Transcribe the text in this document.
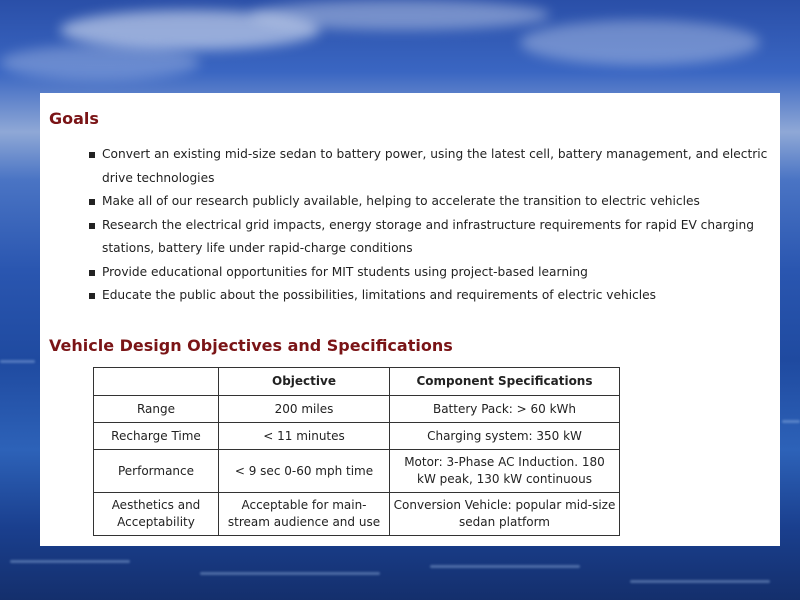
Goals
Convert an existing mid-size sedan to battery power, using the latest cell, battery management, and electric drive technologies
Make all of our research publicly available, helping to accelerate the transition to electric vehicles
Research the electrical grid impacts, energy storage and infrastructure requirements for rapid EV charging stations, battery life under rapid-charge conditions
Provide educational opportunities for MIT students using project-based learning
Educate the public about the possibilities, limitations and requirements of electric vehicles
Vehicle Design Objectives and Specifications
	Objective	Component Specifications
Range	200 miles	Battery Pack: > 60 kWh
Recharge Time	< 11 minutes	Charging system: 350 kW
Performance	< 9 sec 0-60 mph time	Motor: 3-Phase AC Induction. 180 kW peak, 130 kW continuous
Aesthetics and Acceptability	Acceptable for main-stream audience and use	Conversion Vehicle: popular mid-size sedan platform
